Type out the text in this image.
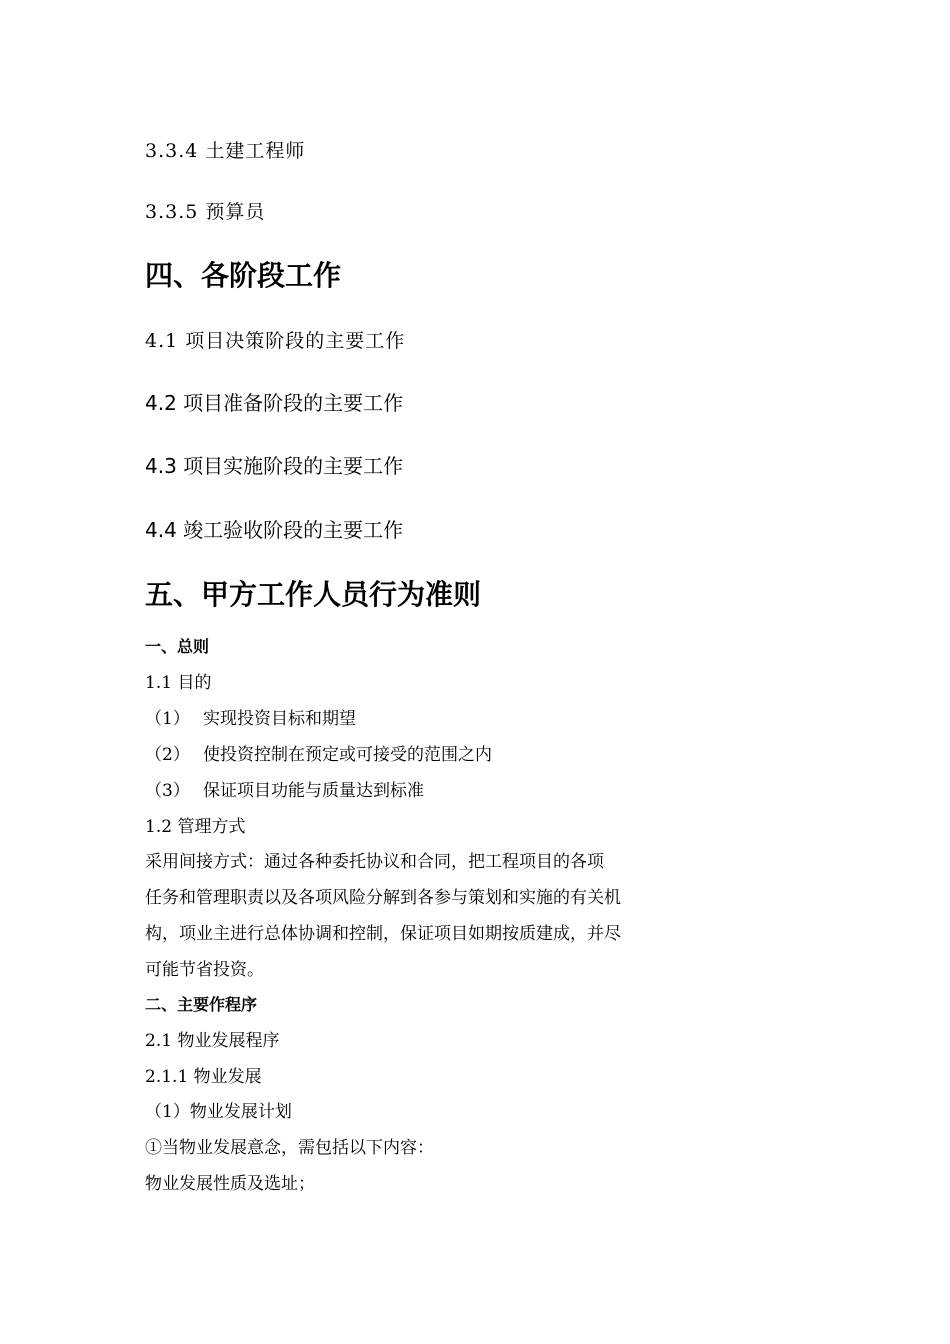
3.3.4 土建工程师
3.3.5 预算员
四、各阶段工作
4.1 项目决策阶段的主要工作
4.2 项目准备阶段的主要工作
4.3 项目实施阶段的主要工作
4.4 竣工验收阶段的主要工作
五、甲方工作人员行为准则
一、总则
1.1 目的
（1） 实现投资目标和期望
（2） 使投资控制在预定或可接受的范围之内
（3） 保证项目功能与质量达到标准
1.2 管理方式
采用间接方式：通过各种委托协议和合同，把工程项目的各项
任务和管理职责以及各项风险分解到各参与策划和实施的有关机
构，项业主进行总体协调和控制，保证项目如期按质建成，并尽
可能节省投资。
二、主要作程序
2.1 物业发展程序
2.1.1 物业发展
（1）物业发展计划
①当物业发展意念，需包括以下内容：
物业发展性质及选址；
